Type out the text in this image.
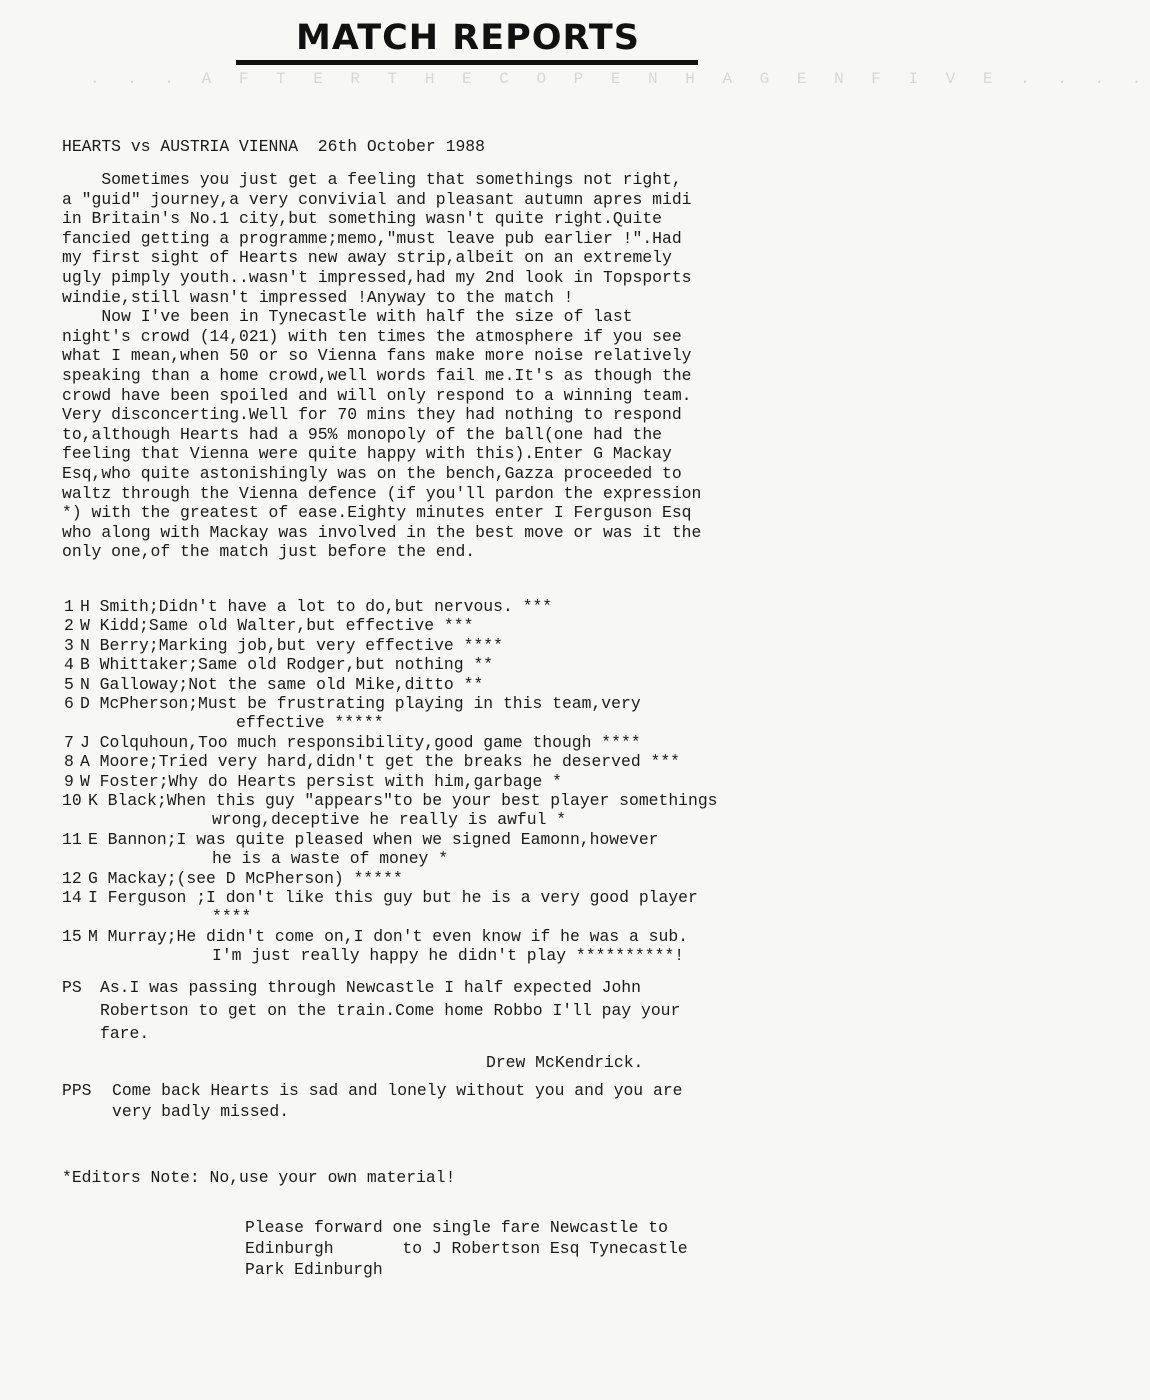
MATCH REPORTS
. . . A F T E R T H E C O P E N H A G E N F I V E . . . .
HEARTS vs AUSTRIA VIENNA  26th October 1988
Sometimes you just get a feeling that somethings not right,
a "guid" journey,a very convivial and pleasant autumn apres midi
in Britain's No.1 city,but something wasn't quite right.Quite
fancied getting a programme;memo,"must leave pub earlier !".Had
my first sight of Hearts new away strip,albeit on an extremely
ugly pimply youth..wasn't impressed,had my 2nd look in Topsports
windie,still wasn't impressed !Anyway to the match !
Now I've been in Tynecastle with half the size of last
night's crowd (14,021) with ten times the atmosphere if you see
what I mean,when 50 or so Vienna fans make more noise relatively
speaking than a home crowd,well words fail me.It's as though the
crowd have been spoiled and will only respond to a winning team.
Very disconcerting.Well for 70 mins they had nothing to respond
to,although Hearts had a 95% monopoly of the ball(one had the
feeling that Vienna were quite happy with this).Enter G Mackay
Esq,who quite astonishingly was on the bench,Gazza proceeded to
waltz through the Vienna defence (if you'll pardon the expression
*) with the greatest of ease.Eighty minutes enter I Ferguson Esq
who along with Mackay was involved in the best move or was it the
only one,of the match just before the end.
1 H Smith;Didn't have a lot to do,but nervous. ***
2 W Kidd;Same old Walter,but effective ***
3 N Berry;Marking job,but very effective ****
4 B Whittaker;Same old Rodger,but nothing **
5 N Galloway;Not the same old Mike,ditto **
6 D McPherson;Must be frustrating playing in this team,very
effective *****
7 J Colquhoun,Too much responsibility,good game though ****
8 A Moore;Tried very hard,didn't get the breaks he deserved ***
9 W Foster;Why do Hearts persist with him,garbage *
10 K Black;When this guy "appears"to be your best player somethings
wrong,deceptive he really is awful *
11 E Bannon;I was quite pleased when we signed Eamonn,however
he is a waste of money *
12 G Mackay;(see D McPherson) *****
14 I Ferguson ;I don't like this guy but he is a very good player
****
15 M Murray;He didn't come on,I don't even know if he was a sub.
I'm just really happy he didn't play **********!
PS As.I was passing through Newcastle I half expected John
Robertson to get on the train.Come home Robbo I'll pay your
fare.
Drew McKendrick.
PPS Come back Hearts is sad and lonely without you and you are
very badly missed.
*Editors Note: No,use your own material!
Please forward one single fare Newcastle to
Edinburgh       to J Robertson Esq Tynecastle
Park Edinburgh
